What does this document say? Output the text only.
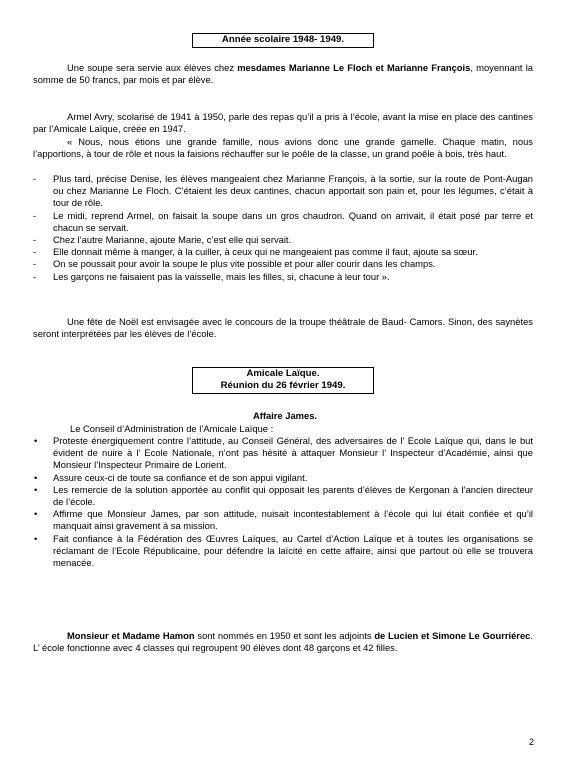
Année scolaire 1948- 1949.
Une soupe sera servie aux élèves chez mesdames Marianne Le Floch et Marianne François, moyennant la somme de 50 francs, par mois et par élève.
Armel Avry, scolarisé de 1941 à 1950, parle des repas qu’il a pris à l’école, avant la mise en place des cantines par l’Amicale Laïque, créée en 1947.
« Nous, nous étions une grande famille, nous avions donc une grande gamelle. Chaque matin, nous l’apportions, à tour de rôle et nous la faisions réchauffer sur le poêle de la classe, un grand poêle à bois, très haut.
- Plus tard, précise Denise, les élèves mangeaient chez Marianne François, à la sortie, sur la route de Pont-Augan ou chez Marianne Le Floch. C’étaient les deux cantines, chacun apportait son pain et, pour les légumes, c’était à tour de rôle.
- Le midi, reprend Armel, on faisait la soupe dans un gros chaudron. Quand on arrivait, il était posé par terre et chacun se servait.
- Chez l’autre Marianne, ajoute Marie, c’est elle qui servait.
- Elle donnait même à manger, à la cuiller, à ceux qui ne mangeaient pas comme il faut, ajoute sa sœur.
- On se poussait pour avoir la soupe le plus vite possible et pour aller courir dans les champs.
- Les garçons ne faisaient pas la vaisselle, mais les filles, si, chacune à leur tour ».
Une fête de Noël est envisagée avec le concours de la troupe théâtrale de Baud- Camors. Sinon, des saynètes seront interprétées par les élèves de l’école.
Amicale Laïque.
Réunion du 26 février 1949.
Affaire James.
Le Conseil d’Administration de l’Amicale Laïque :
• Proteste énergiquement contre l’attitude, au Conseil Général, des adversaires de l’ Ecole Laïque qui, dans le but évident de nuire à l’ Ecole Nationale, n’ont pas hésité à attaquer Monsieur l’ Inspecteur d’Académie, ainsi que Monsieur l’Inspecteur Primaire de Lorient.
• Assure ceux-ci de toute sa confiance et de son appui vigilant.
• Les remercie de la solution apportée au conflit qui opposait les parents d’élèves de Kergonan à l’ancien directeur de l’école.
• Affirme que Monsieur James, par son attitude, nuisait incontestablement à l’école qui lui était confiée et qu’il manquait ainsi gravement à sa mission.
• Fait confiance à la Fédération des Œuvres Laïques, au Cartel d’Action Laïque et à toutes les organisations se réclamant de l’Ecole Républicaine, pour défendre la laïcité en cette affaire, ainsi que partout où elle se trouvera menacée.
Monsieur et Madame Hamon sont nommés en 1950 et sont les adjoints de Lucien et Simone Le Gourriérec. L’ école fonctionne avec 4 classes qui regroupent 90 élèves dont 48 garçons et 42 filles.
2
